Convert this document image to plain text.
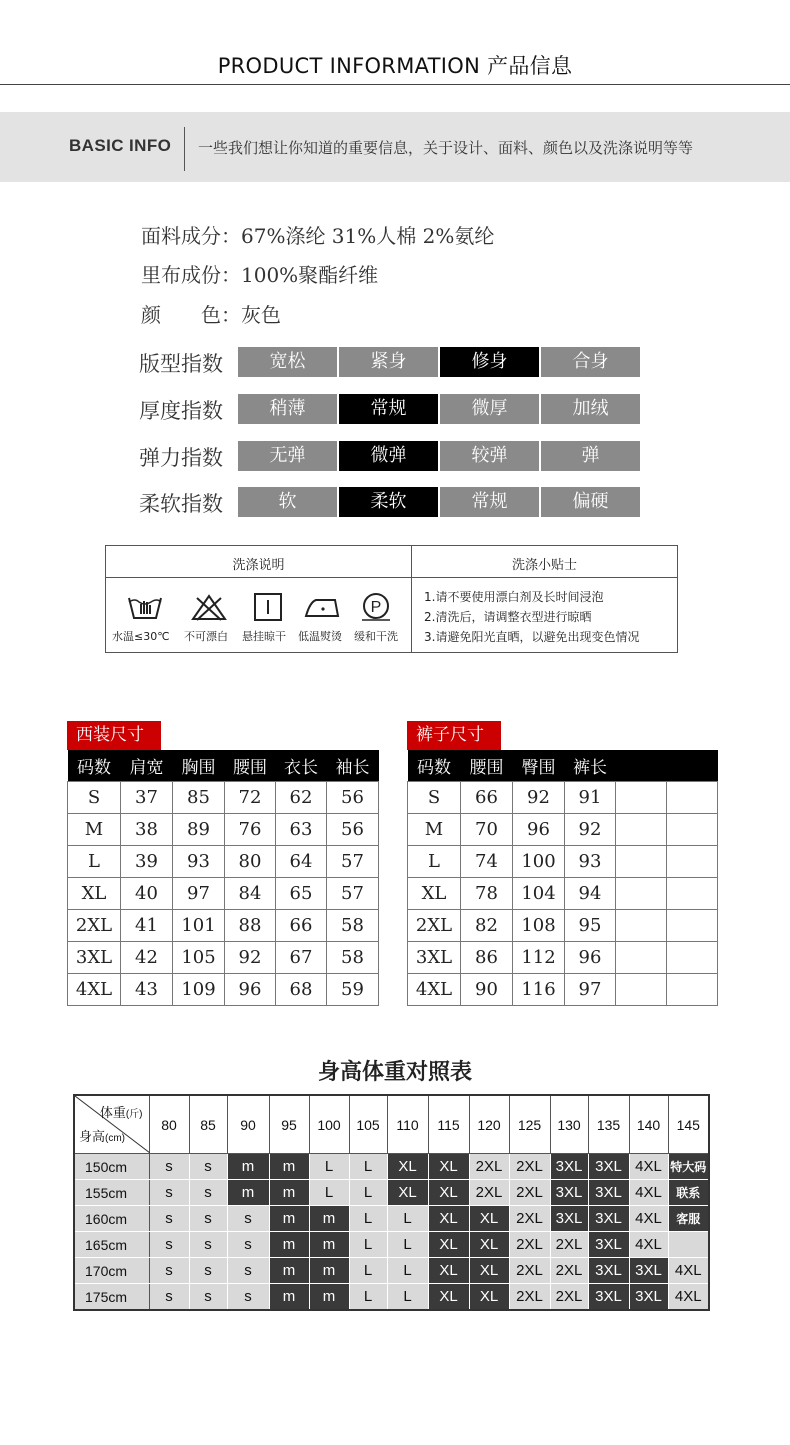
PRODUCT INFORMATION 产品信息
BASIC INFO 一些我们想让你知道的重要信息，关于设计、面料、颜色以及洗涤说明等等
面料成分：67%涤纶 31%人棉 2%氨纶
里布成份：100%聚酯纤维
颜　　色：灰色
版型指数	宽松	紧身	修身	合身
厚度指数	稍薄	常规	微厚	加绒
弹力指数	无弹	微弹	较弹	弹
柔软指数	软	柔软	常规	偏硬
洗涤说明	洗涤小贴士
P
水温≤30℃ 不可漂白 悬挂晾干 低温熨烫 缓和干洗
1.请不要使用漂白剂及长时间浸泡
2.清洗后，请调整衣型进行晾晒
3.请避免阳光直晒，以避免出现变色情况
西装尺寸
码数	肩宽	胸围	腰围	衣长	袖长
S	37	85	72	62	56
M	38	89	76	63	56
L	39	93	80	64	57
XL	40	97	84	65	57
2XL	41	101	88	66	58
3XL	42	105	92	67	58
4XL	43	109	96	68	59
裤子尺寸
码数	腰围	臀围	裤长		
S	66	92	91		
M	70	96	92		
L	74	100	93		
XL	78	104	94		
2XL	82	108	95		
3XL	86	112	96		
4XL	90	116	97		
身高体重对照表
体重(斤)
身高(cm)	80	85	90	95	100	105	110	115	120	125	130	135	140	145
150cm	s	s	m	m	L	L	XL	XL	2XL	2XL	3XL	3XL	4XL	特大码
155cm	s	s	m	m	L	L	XL	XL	2XL	2XL	3XL	3XL	4XL	联系
160cm	s	s	s	m	m	L	L	XL	XL	2XL	3XL	3XL	4XL	客服
165cm	s	s	s	m	m	L	L	XL	XL	2XL	2XL	3XL	4XL	
170cm	s	s	s	m	m	L	L	XL	XL	2XL	2XL	3XL	3XL	4XL
175cm	s	s	s	m	m	L	L	XL	XL	2XL	2XL	3XL	3XL	4XL
